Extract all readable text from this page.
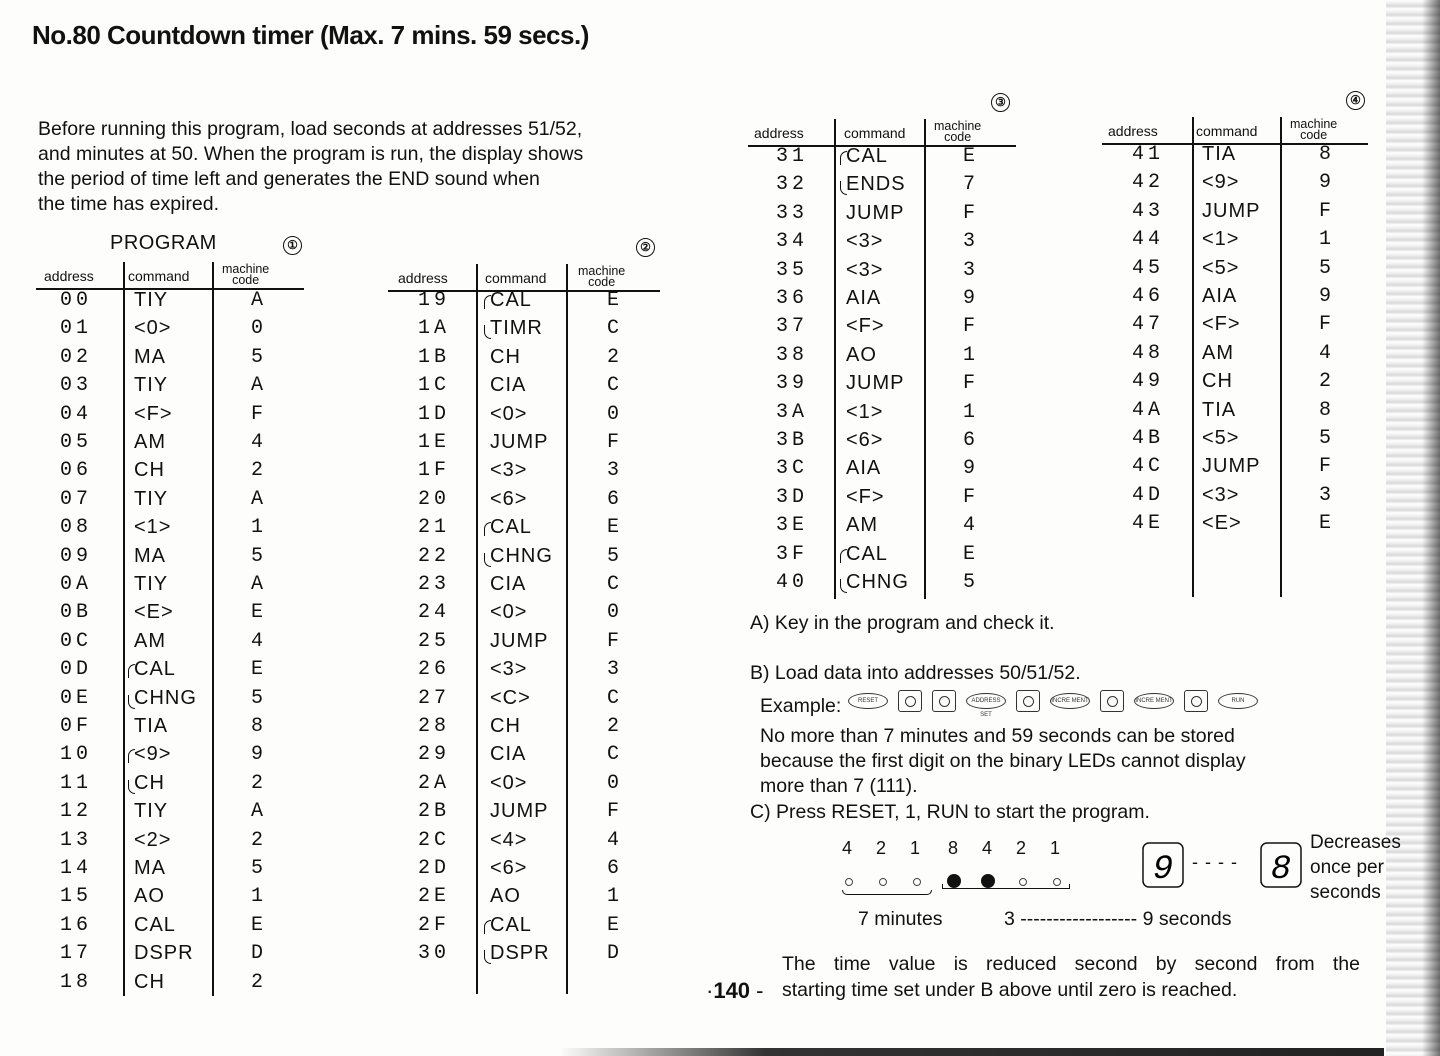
No.80 Countdown timer (Max. 7 mins. 59 secs.)
Before running this program, load seconds at addresses 51/52,
and minutes at 50. When the program is run, the display shows
the period of time left and generates the END sound when
the time has expired.
PROGRAM	①
address command	machine
code
00 TIY	A
01 <0>	0
02 MA	5
03 TIY	A
04 <F>	F
05 AM	4
06 CH	2
07 TIY	A
08 <1>	1
09 MA	5
0A TIY	A
0B <E>	E
0C AM	4
0D CAL	E
0E CHNG	5
0F TIA	8
10 <9>	9
11 CH	2
12 TIY	A
13 <2>	2
14 MA	5
15 AO	1
16 CAL	E
17 DSPR	D
18 CH	2
②
address	command	machine
code
19 CAL	E
1A TIMR	C
1B CH	2
1C CIA	C
1D <0>	0
1E JUMP	F
1F <3>	3
20 <6>	6
21 CAL	E
22 CHNG	5
23 CIA	C
24 <0>	0
25 JUMP	F
26 <3>	3
27 <C>	C
28 CH	2
29 CIA	C
2A <0>	0
2B JUMP	F
2C <4>	4
2D <6>	6
2E AO	1
2F CAL	E
30 DSPR	D
③
address	command machine
code
31 CAL	E
32 ENDS	7
33 JUMP	F
34 <3>	3
35 <3>	3
36 AIA	9
37 <F>	F
38 AO	1
39 JUMP	F
3A <1>	1
3B <6>	6
3C AIA	9
3D <F>	F
3E AM	4
3F CAL	E
40 CHNG	5
④
address	command	machine
code
41 TIA	8
42 <9>	9
43 JUMP	F
44 <1>	1
45 <5>	5
46 AIA	9
47 <F>	F
48 AM	4
49 CH	2
4A TIA	8
4B <5>	5
4C JUMP	F
4D <3>	3
4E <E>	E
A) Key in the program and check it.
B) Load data into addresses 50/51/52.
Example:	RESET	ADDRESS SET
INCRE MENT	INCRE MENT	RUN
No more than 7 minutes and 59 seconds can be stored
because the first digit on the binary LEDs cannot display
more than 7 (111).
C) Press RESET, 1, RUN to start the program.
4 2 1 8 4 2 1
7 minutes	3 ------------------ 9 seconds
9 - - - - 8
Decreases
once per
seconds
The time value is reduced second by second from the
starting time set under B above until zero is reached.
·140 -
